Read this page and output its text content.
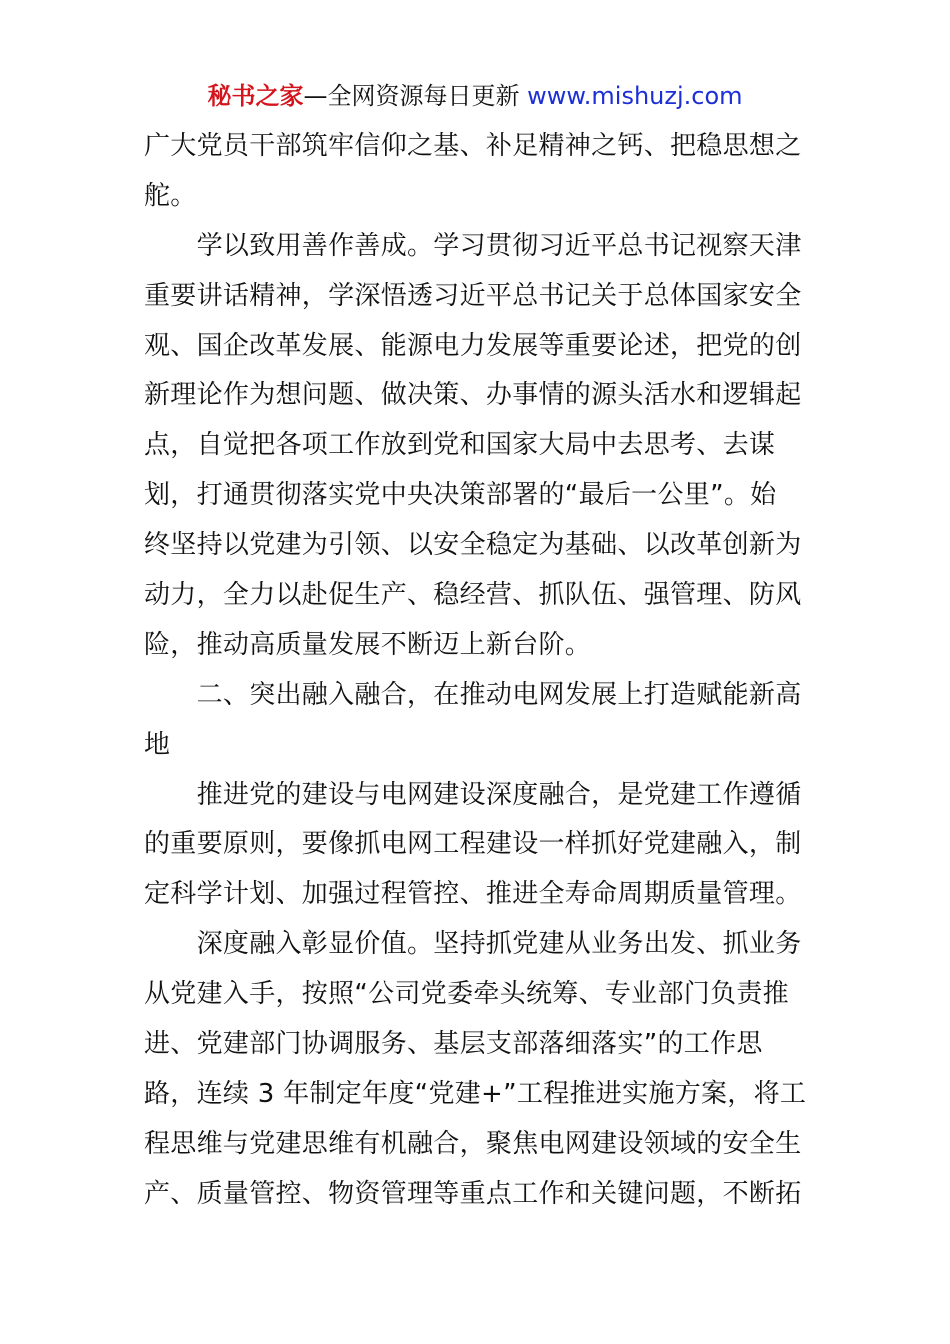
秘书之家—全网资源每日更新 www.mishuzj.com
广大党员干部筑牢信仰之基、补足精神之钙、把稳思想之
舵。
　　学以致用善作善成。学习贯彻习近平总书记视察天津
重要讲话精神，学深悟透习近平总书记关于总体国家安全
观、国企改革发展、能源电力发展等重要论述，把党的创
新理论作为想问题、做决策、办事情的源头活水和逻辑起
点，自觉把各项工作放到党和国家大局中去思考、去谋
划，打通贯彻落实党中央决策部署的“最后一公里”。始
终坚持以党建为引领、以安全稳定为基础、以改革创新为
动力，全力以赴促生产、稳经营、抓队伍、强管理、防风
险，推动高质量发展不断迈上新台阶。
　　二、突出融入融合，在推动电网发展上打造赋能新高
地
　　推进党的建设与电网建设深度融合，是党建工作遵循
的重要原则，要像抓电网工程建设一样抓好党建融入，制
定科学计划、加强过程管控、推进全寿命周期质量管理。
　　深度融入彰显价值。坚持抓党建从业务出发、抓业务
从党建入手，按照“公司党委牵头统筹、专业部门负责推
进、党建部门协调服务、基层支部落细落实”的工作思
路，连续 3 年制定年度“党建+”工程推进实施方案，将工
程思维与党建思维有机融合，聚焦电网建设领域的安全生
产、质量管控、物资管理等重点工作和关键问题，不断拓
